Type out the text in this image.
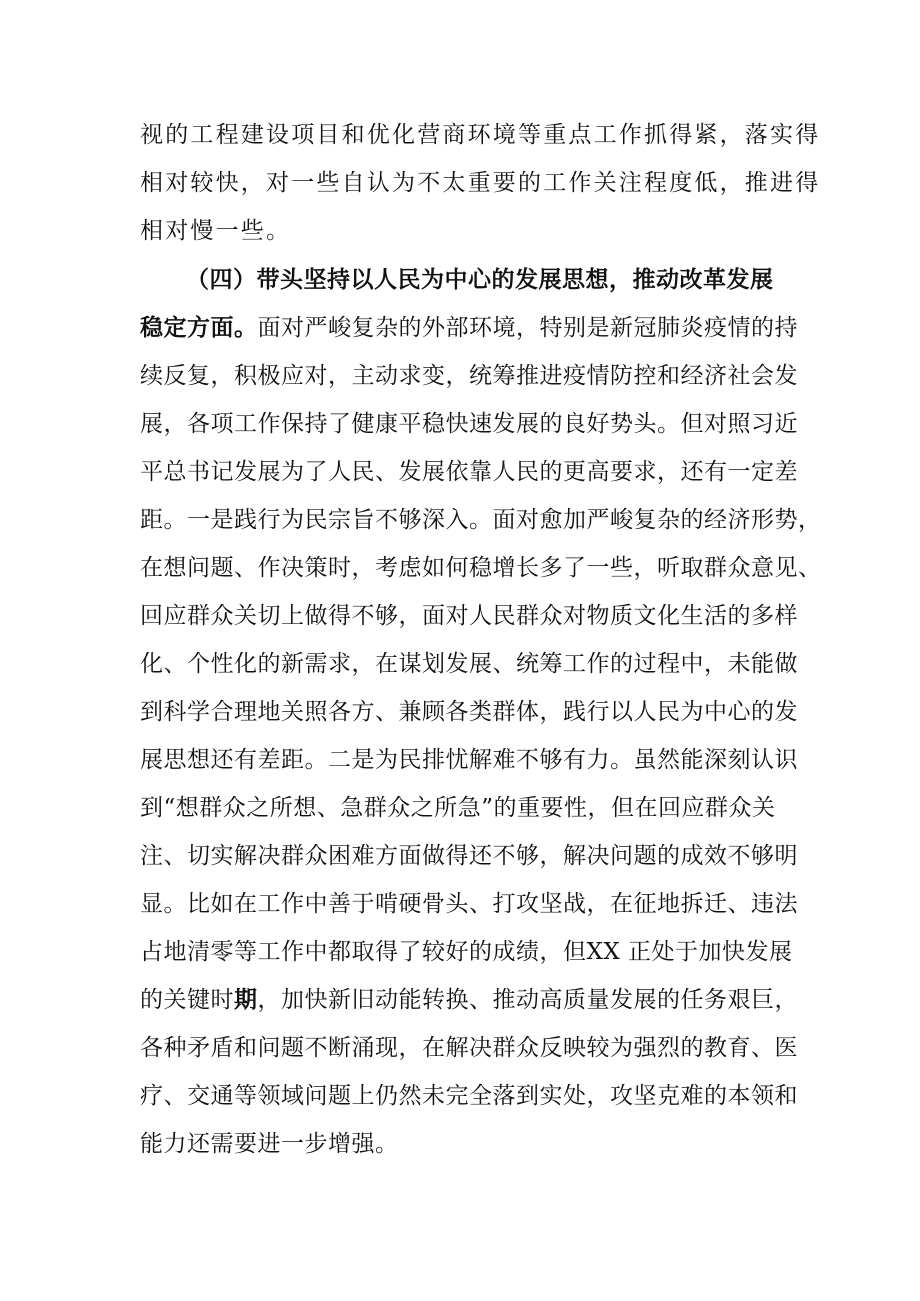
视的工程建设项目和优化营商环境等重点工作抓得紧，落实得
相对较快，对一些自认为不太重要的工作关注程度低，推进得
相对慢一些。
（四）带头坚持以人民为中心的发展思想，推动改革发展
稳定方面。面对严峻复杂的外部环境，特别是新冠肺炎疫情的持
续反复，积极应对，主动求变，统筹推进疫情防控和经济社会发
展，各项工作保持了健康平稳快速发展的良好势头。但对照习近
平总书记发展为了人民、发展依靠人民的更高要求，还有一定差
距。一是践行为民宗旨不够深入。面对愈加严峻复杂的经济形势，
在想问题、作决策时，考虑如何稳增长多了一些，听取群众意见、
回应群众关切上做得不够，面对人民群众对物质文化生活的多样
化、个性化的新需求，在谋划发展、统筹工作的过程中，未能做
到科学合理地关照各方、兼顾各类群体，践行以人民为中心的发
展思想还有差距。二是为民排忧解难不够有力。虽然能深刻认识
到“想群众之所想、急群众之所急”的重要性，但在回应群众关
注、切实解决群众困难方面做得还不够，解决问题的成效不够明
显。比如在工作中善于啃硬骨头、打攻坚战，在征地拆迁、违法
占地清零等工作中都取得了较好的成绩，但XX 正处于加快发展
的关键时期，加快新旧动能转换、推动高质量发展的任务艰巨，
各种矛盾和问题不断涌现，在解决群众反映较为强烈的教育、医
疗、交通等领域问题上仍然未完全落到实处，攻坚克难的本领和
能力还需要进一步增强。
